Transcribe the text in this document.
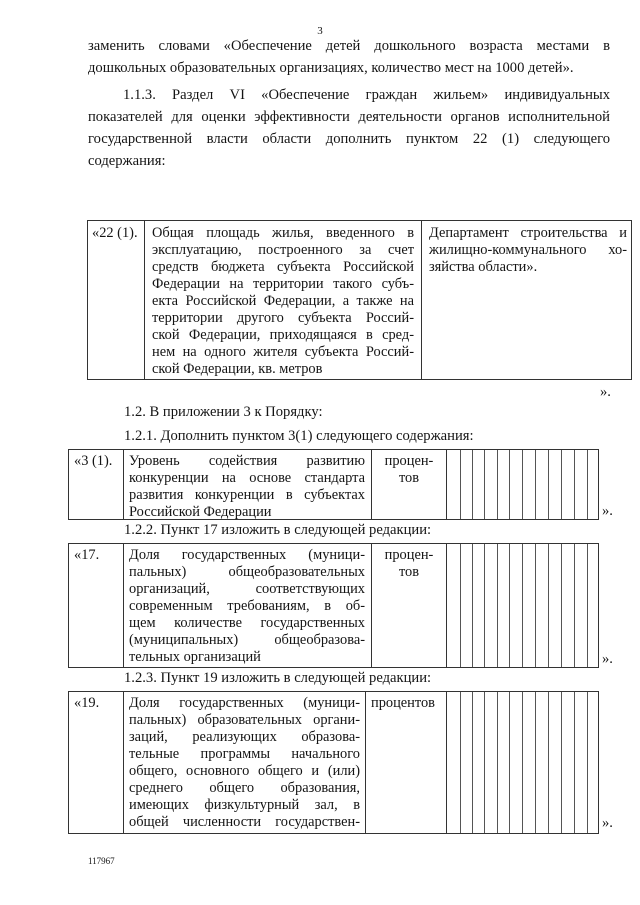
3
заменить словами «Обеспечение детей дошкольного возраста местами в
дошкольных образовательных организациях, количество мест на 1000 детей».
1.1.3. Раздел VI «Обеспечение граждан жильем» индивидуальных
показателей для оценки эффективности деятельности органов исполнительной
государственной власти области дополнить пунктом 22 (1) следующего
содержания:
«22 (1). Общая площадь жилья, введенного в
эксплуатацию, построенного за счет
средств бюджета субъекта Российской
Федерации на территории такого субъ-
екта Российской Федерации, а также на
территории другого субъекта Россий-
ской Федерации, приходящаяся в сред-
нем на одного жителя субъекта Россий-
ской Федерации, кв. метров
Департамент строительства и
жилищно-коммунального хо-
зяйства области».
».
1.2. В приложении 3 к Порядку:
1.2.1. Дополнить пунктом 3(1) следующего содержания:
«3 (1). Уровень содействия развитию
конкуренции на основе стандарта
развития конкуренции в субъектах
Российской Федерации
процен-
тов
».
1.2.2. Пункт 17 изложить в следующей редакции:
«17. Доля государственных (муници-
пальных) общеобразовательных
организаций, соответствующих
современным требованиям, в об-
щем количестве государственных
(муниципальных) общеобразова-
тельных организаций
процен-
тов
».
1.2.3. Пункт 19 изложить в следующей редакции:
«19. Доля государственных (муници-
пальных) образовательных органи-
заций, реализующих образова-
тельные программы начального
общего, основного общего и (или)
среднего общего образования,
имеющих физкультурный зал, в
общей численности государствен-
процентов
».
117967
